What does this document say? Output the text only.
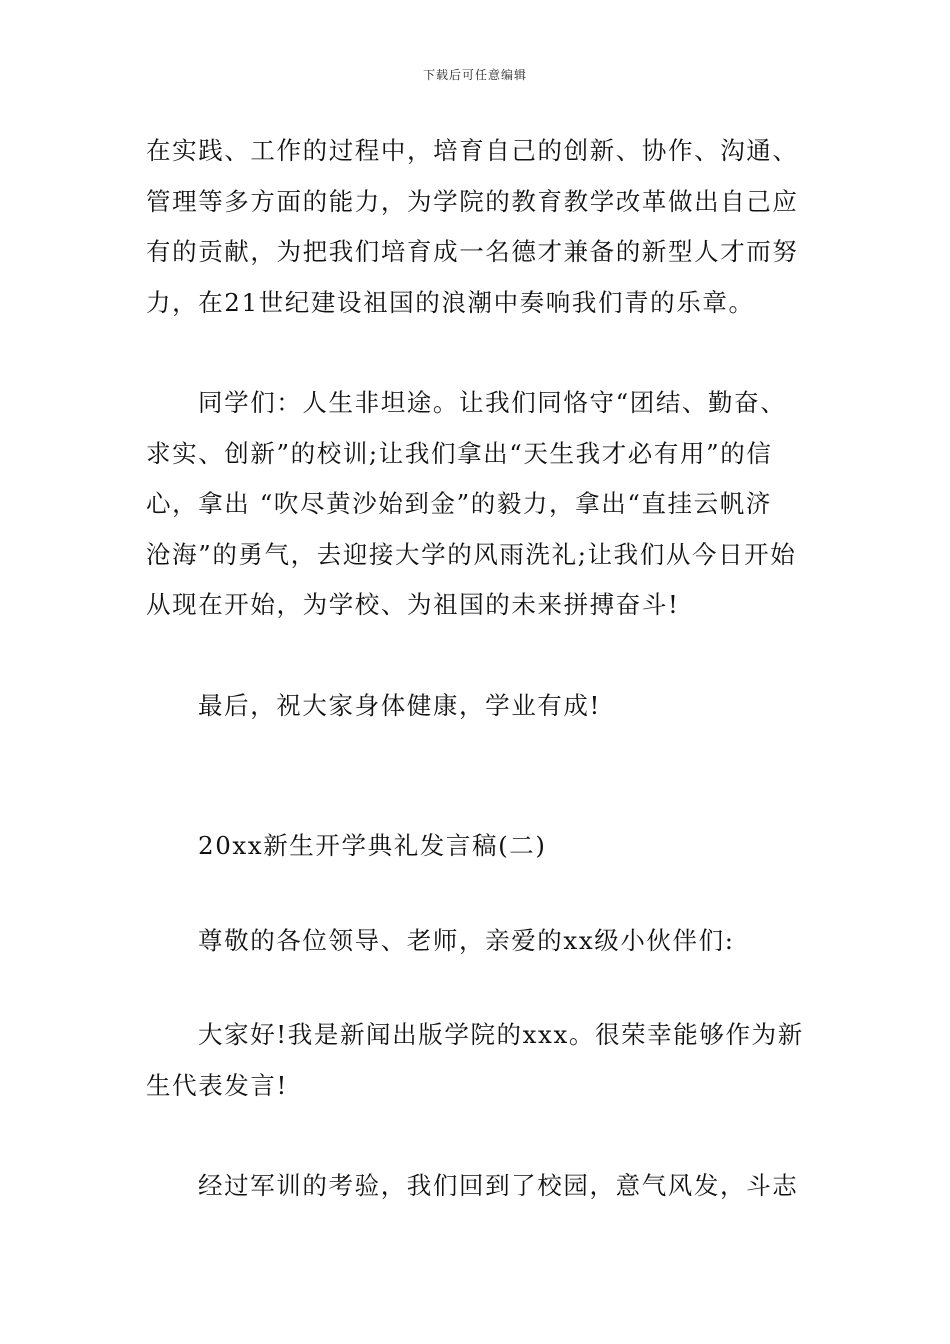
下载后可任意编辑
在实践、工作的过程中，培育自己的创新、协作、沟通、
管理等多方面的能力，为学院的教育教学改革做出自己应
有的贡献，为把我们培育成一名德才兼备的新型人才而努
力，在21世纪建设祖国的浪潮中奏响我们青的乐章。
同学们：人生非坦途。让我们同恪守“团结、勤奋、
求实、创新”的校训;让我们拿出“天生我才必有用”的信
心，拿出 “吹尽黄沙始到金”的毅力，拿出“直挂云帆济
沧海”的勇气，去迎接大学的风雨洗礼;让我们从今日开始
从现在开始，为学校、为祖国的未来拼搏奋斗!
最后，祝大家身体健康，学业有成!
20xx新生开学典礼发言稿(二)
尊敬的各位领导、老师，亲爱的xx级小伙伴们:
大家好!我是新闻出版学院的xxx。很荣幸能够作为新
生代表发言!
经过军训的考验，我们回到了校园，意气风发，斗志
